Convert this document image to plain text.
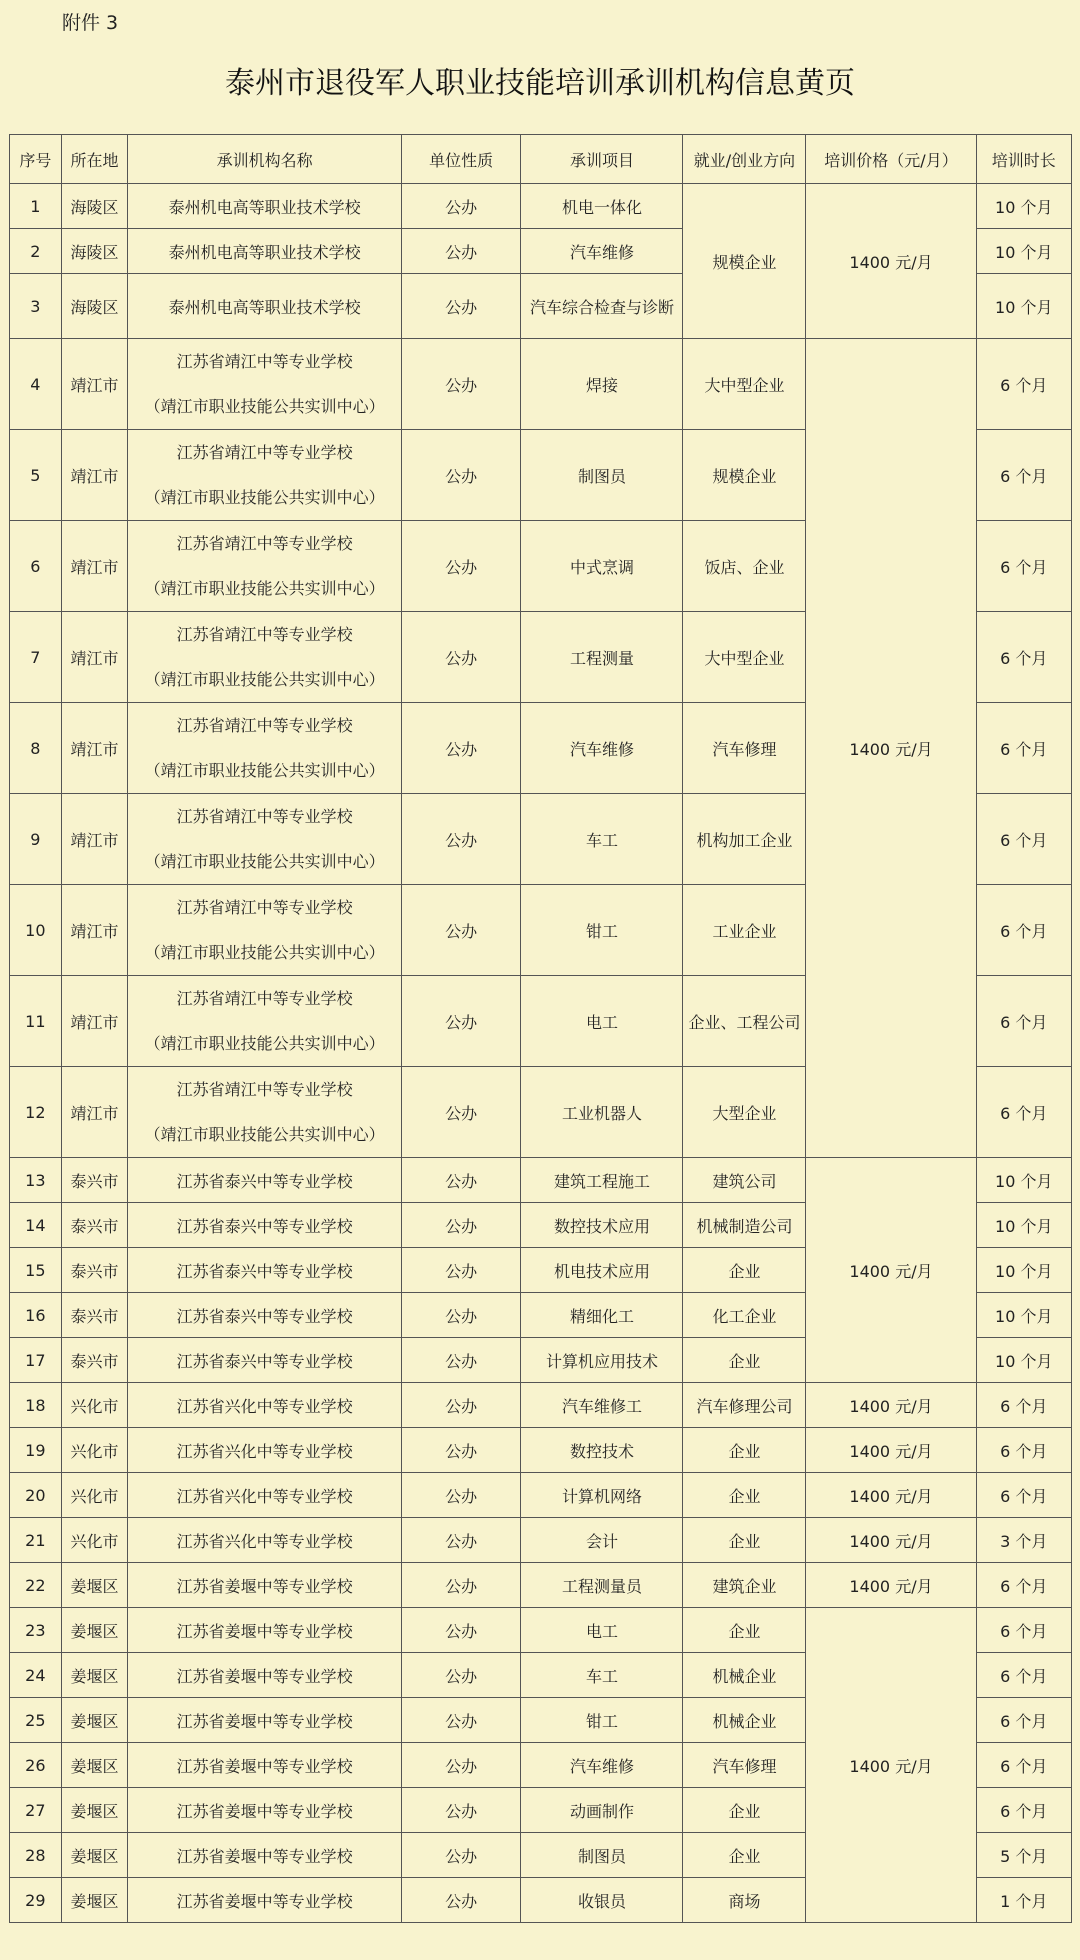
附件 3
泰州市退役军人职业技能培训承训机构信息黄页
序号	所在地	承训机构名称	单位性质	承训项目	就业/创业方向	培训价格（元/月）	培训时长
1	海陵区	泰州机电高等职业技术学校	公办	机电一体化	规模企业	1400 元/月	10 个月
2	海陵区	泰州机电高等职业技术学校	公办	汽车维修			10 个月
3	海陵区	泰州机电高等职业技术学校	公办	汽车综合检查与诊断			10 个月
4	靖江市	江苏省靖江中等专业学校
（靖江市职业技能公共实训中心）	公办	焊接	大中型企业	1400 元/月	6 个月
5	靖江市	江苏省靖江中等专业学校
（靖江市职业技能公共实训中心）	公办	制图员	规模企业		6 个月
6	靖江市	江苏省靖江中等专业学校
（靖江市职业技能公共实训中心）	公办	中式烹调	饭店、企业		6 个月
7	靖江市	江苏省靖江中等专业学校
（靖江市职业技能公共实训中心）	公办	工程测量	大中型企业		6 个月
8	靖江市	江苏省靖江中等专业学校
（靖江市职业技能公共实训中心）	公办	汽车维修	汽车修理		6 个月
9	靖江市	江苏省靖江中等专业学校
（靖江市职业技能公共实训中心）	公办	车工	机构加工企业		6 个月
10	靖江市	江苏省靖江中等专业学校
（靖江市职业技能公共实训中心）	公办	钳工	工业企业		6 个月
11	靖江市	江苏省靖江中等专业学校
（靖江市职业技能公共实训中心）	公办	电工	企业、工程公司		6 个月
12	靖江市	江苏省靖江中等专业学校
（靖江市职业技能公共实训中心）	公办	工业机器人	大型企业		6 个月
13	泰兴市	江苏省泰兴中等专业学校	公办	建筑工程施工	建筑公司	1400 元/月	10 个月
14	泰兴市	江苏省泰兴中等专业学校	公办	数控技术应用	机械制造公司		10 个月
15	泰兴市	江苏省泰兴中等专业学校	公办	机电技术应用	企业		10 个月
16	泰兴市	江苏省泰兴中等专业学校	公办	精细化工	化工企业		10 个月
17	泰兴市	江苏省泰兴中等专业学校	公办	计算机应用技术	企业		10 个月
18	兴化市	江苏省兴化中等专业学校	公办	汽车维修工	汽车修理公司	1400 元/月	6 个月
19	兴化市	江苏省兴化中等专业学校	公办	数控技术	企业	1400 元/月	6 个月
20	兴化市	江苏省兴化中等专业学校	公办	计算机网络	企业	1400 元/月	6 个月
21	兴化市	江苏省兴化中等专业学校	公办	会计	企业	1400 元/月	3 个月
22	姜堰区	江苏省姜堰中等专业学校	公办	工程测量员	建筑企业	1400 元/月	6 个月
23	姜堰区	江苏省姜堰中等专业学校	公办	电工	企业	1400 元/月	6 个月
24	姜堰区	江苏省姜堰中等专业学校	公办	车工	机械企业		6 个月
25	姜堰区	江苏省姜堰中等专业学校	公办	钳工	机械企业		6 个月
26	姜堰区	江苏省姜堰中等专业学校	公办	汽车维修	汽车修理		6 个月
27	姜堰区	江苏省姜堰中等专业学校	公办	动画制作	企业		6 个月
28	姜堰区	江苏省姜堰中等专业学校	公办	制图员	企业		5 个月
29	姜堰区	江苏省姜堰中等专业学校	公办	收银员	商场		1 个月
